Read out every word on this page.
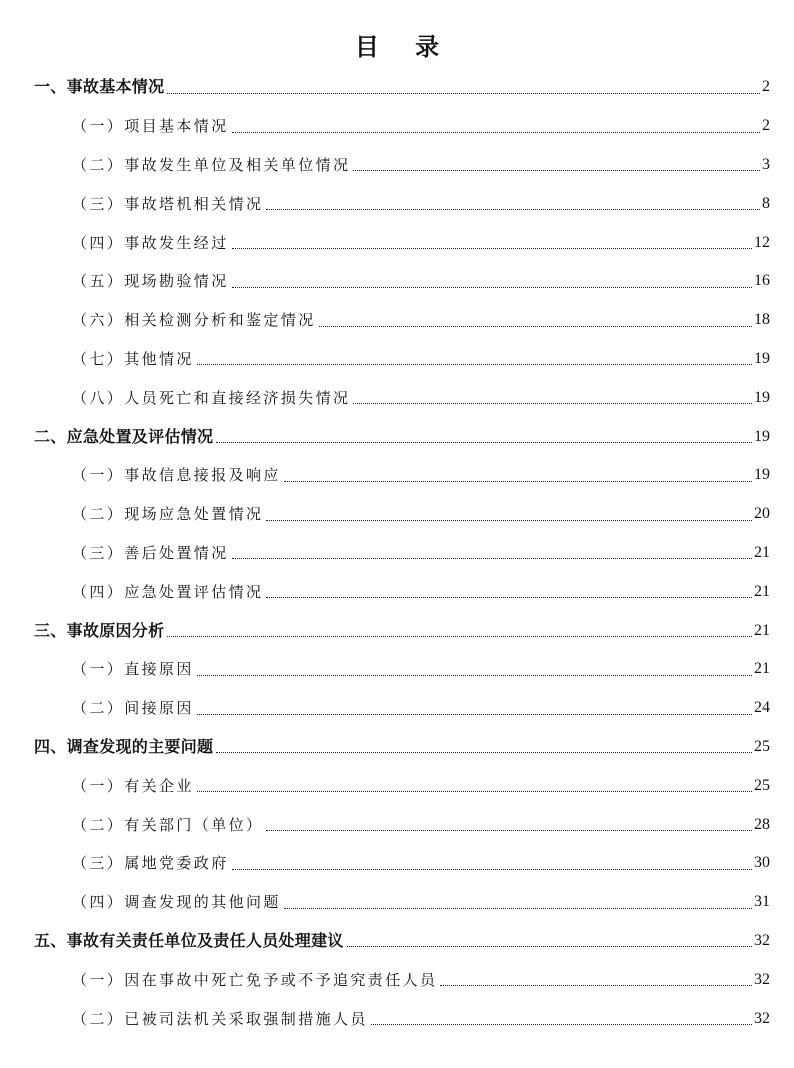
目 录
一、事故基本情况	2
（一）项目基本情况	2
（二）事故发生单位及相关单位情况	3
（三）事故塔机相关情况	8
（四）事故发生经过	12
（五）现场勘验情况	16
（六）相关检测分析和鉴定情况	18
（七）其他情况	19
（八）人员死亡和直接经济损失情况	19
二、应急处置及评估情况	19
（一）事故信息接报及响应	19
（二）现场应急处置情况	20
（三）善后处置情况	21
（四）应急处置评估情况	21
三、事故原因分析	21
（一）直接原因	21
（二）间接原因	24
四、调查发现的主要问题	25
（一）有关企业	25
（二）有关部门（单位）	28
（三）属地党委政府	30
（四）调查发现的其他问题	31
五、事故有关责任单位及责任人员处理建议	32
（一）因在事故中死亡免予或不予追究责任人员	32
（二）已被司法机关采取强制措施人员	32
